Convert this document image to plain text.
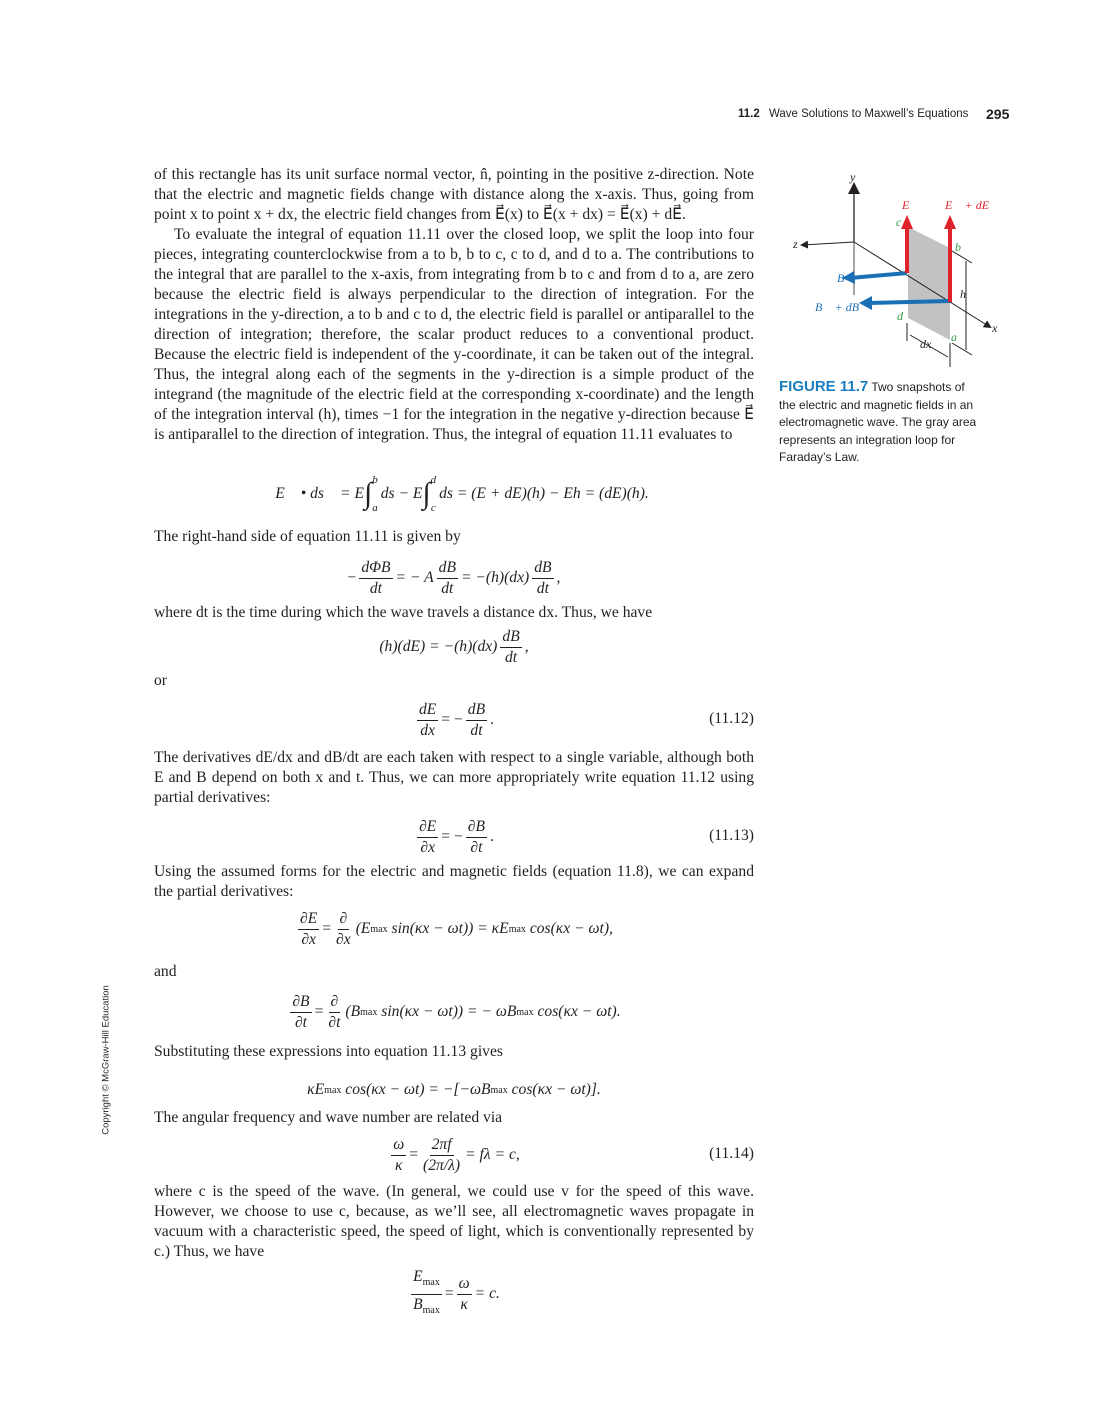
11.2 Wave Solutions to Maxwell’s Equations 295
Copyright © McGraw-Hill Education

of this rectangle has its unit surface normal vector, n̂, pointing in the positive z-direction. Note that the electric and magnetic fields change with distance along the x-axis. Thus, going from point x to point x + dx, the electric field changes from E⃗(x) to E⃗(x + dx) = E⃗(x) + dE⃗.

To evaluate the integral of equation 11.11 over the closed loop, we split the loop into four pieces, integrating counterclockwise from a to b, b to c, c to d, and d to a. The contributions to the integral that are parallel to the x-axis, from integrating from b to c and from d to a, are zero because the electric field is always perpendicular to the direction of integration. For the integrations in the y-direction, a to b and c to d, the electric field is parallel or antiparallel to the direction of integration; therefore, the scalar product reduces to a conventional product. Because the electric field is independent of the y-coordinate, it can be taken out of the integral. Thus, the integral along each of the segments in the y-direction is a simple product of the integrand (the magnitude of the electric field at the corresponding x-coordinate) and the length of the integration interval (h), times −1 for the integration in the negative y-direction because E⃗ is antiparallel to the direction of integration. Thus, the integral of equation 11.11 evaluates to

∮ E⃗ • ds⃗ = E ∫ b
a
ds − E ∫ d
c
ds = (E + dE)(h) − Eh = (dE)(h).
The right-hand side of equation 11.11 is given by
− $\frac{\text{dΦB}}{dt}$ = − A $\frac{dB}{dt} = -(h)(dx) \frac{dB}{dt}$ ,
where dt is the time during which the wave travels a distance dx. Thus, we have
$(h)(dE) = -(h)(dx) \frac{dB}{dt}$ ,
or
$\frac{dE}{dx}$ = − $\frac{dB}{dt}$ .	(11.12)
The derivatives dE/dx and dB/dt are each taken with respect to a single variable, although both E and B depend on both x and t. Thus, we can more appropriately write equation 11.12 using partial derivatives:
$\frac{\partial E}{\partial x}$ = − $\frac{\partial B}{\partial t}$ .	(11.13)
Using the assumed forms for the electric and magnetic fields (equation 11.8), we can expand the partial derivatives:
$\frac{\partial E}{\partial x} = \frac{\partial}{\partial x} (E$ max sin(κx − ωt)) = κE max cos(κx − ωt),
and
$\frac{\partial B}{\partial t} = \frac{\partial}{\partial t} (B$ max sin(κx − ωt)) = − ωB max cos(κx − ωt).
Substituting these expressions into equation 11.13 gives
κE max cos(κx − ωt) = −[−ωB max cos(κx − ωt)].
The angular frequency and wave number are related via
$\frac{\omega}{\kappa} = \frac{2\pi f}{(2\pi/\lambda)} = f\lambda = c$,	(11.14)
where c is the speed of the wave. (In general, we could use v for the speed of this wave. However, we choose to use c, because, as we’ll see, all electromagnetic waves propagate in vacuum with a characteristic speed, the speed of light, which is conventionally represented by c.) Thus, we have
$\frac{E_{max}}{B_{max}} = \frac{\omega}{\kappa} = c$.
y
z
x
E⃗ E⃗ + dE⃗
B⃗
B⃗ + dB⃗
c
b
d
a
h
dx
FIGURE 11.7 Two snapshots of the electric and magnetic fields in an electromagnetic wave. The gray area represents an integration loop for Faraday’s Law.
